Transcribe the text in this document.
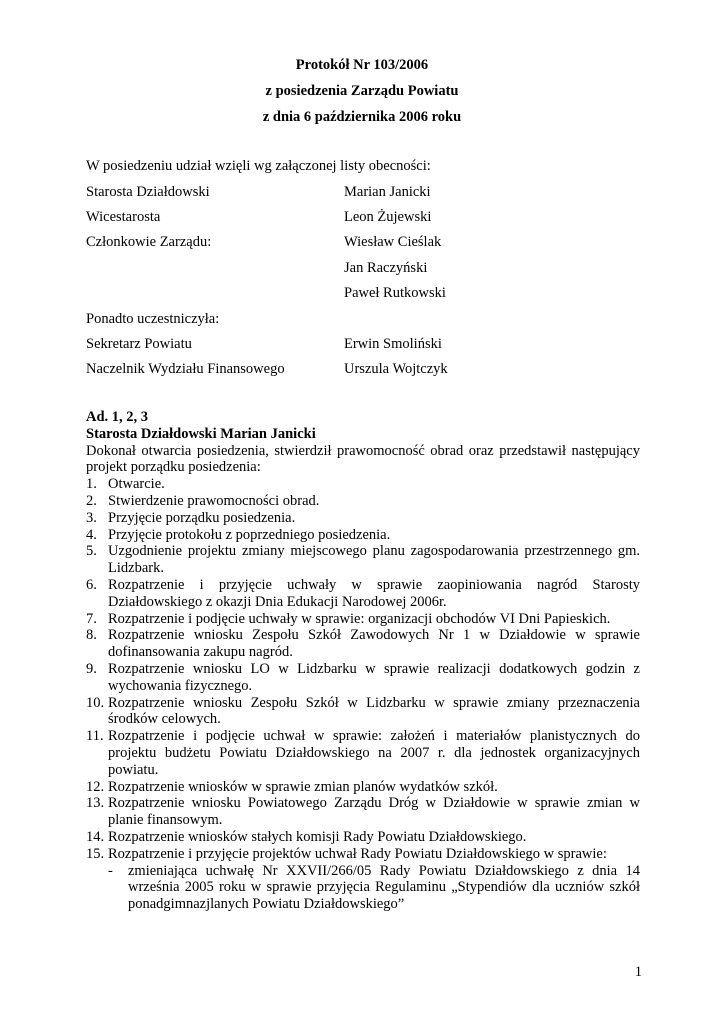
Protokół Nr 103/2006
z posiedzenia Zarządu Powiatu
z dnia 6 października 2006 roku
W posiedzeniu udział wzięli wg załączonej listy obecności:
Starosta Działdowski	Marian Janicki
Wicestarosta	Leon Żujewski
Członkowie Zarządu:	Wiesław Cieślak
Jan Raczyński
Paweł Rutkowski
Ponadto uczestniczyła:
Sekretarz Powiatu	Erwin Smoliński
Naczelnik Wydziału Finansowego	Urszula Wojtczyk

Ad. 1, 2, 3

Starosta Działdowski Marian Janicki

Dokonał otwarcia posiedzenia, stwierdził prawomocność obrad oraz przedstawił następujący projekt porządku posiedzenia:

1. Otwarcie.
2. Stwierdzenie prawomocności obrad.
3. Przyjęcie porządku posiedzenia.
4. Przyjęcie protokołu z poprzedniego posiedzenia.
5. Uzgodnienie projektu zmiany miejscowego planu zagospodarowania przestrzennego gm. Lidzbark.
6. Rozpatrzenie i przyjęcie uchwały w sprawie zaopiniowania nagród Starosty Działdowskiego z okazji Dnia Edukacji Narodowej 2006r.
7. Rozpatrzenie i podjęcie uchwały w sprawie: organizacji obchodów VI Dni Papieskich.
8. Rozpatrzenie wniosku Zespołu Szkół Zawodowych Nr 1 w Działdowie w sprawie dofinansowania zakupu nagród.
9. Rozpatrzenie wniosku LO w Lidzbarku w sprawie realizacji dodatkowych godzin z wychowania fizycznego.
10. Rozpatrzenie wniosku Zespołu Szkół w Lidzbarku w sprawie zmiany przeznaczenia środków celowych.
11. Rozpatrzenie i podjęcie uchwał w sprawie: założeń i materiałów planistycznych do projektu budżetu Powiatu Działdowskiego na 2007 r. dla jednostek organizacyjnych powiatu.
12. Rozpatrzenie wniosków w sprawie zmian planów wydatków szkół.
13. Rozpatrzenie wniosku Powiatowego Zarządu Dróg w Działdowie w sprawie zmian w planie finansowym.
14. Rozpatrzenie wniosków stałych komisji Rady Powiatu Działdowskiego.
15. Rozpatrzenie i przyjęcie projektów uchwał Rady Powiatu Działdowskiego w sprawie:
- zmieniająca uchwałę Nr XXVII/266/05 Rady Powiatu Działdowskiego z dnia 14 września 2005 roku w sprawie przyjęcia Regulaminu „Stypendiów dla uczniów szkół ponadgimnazjlanych Powiatu Działdowskiego”
1
